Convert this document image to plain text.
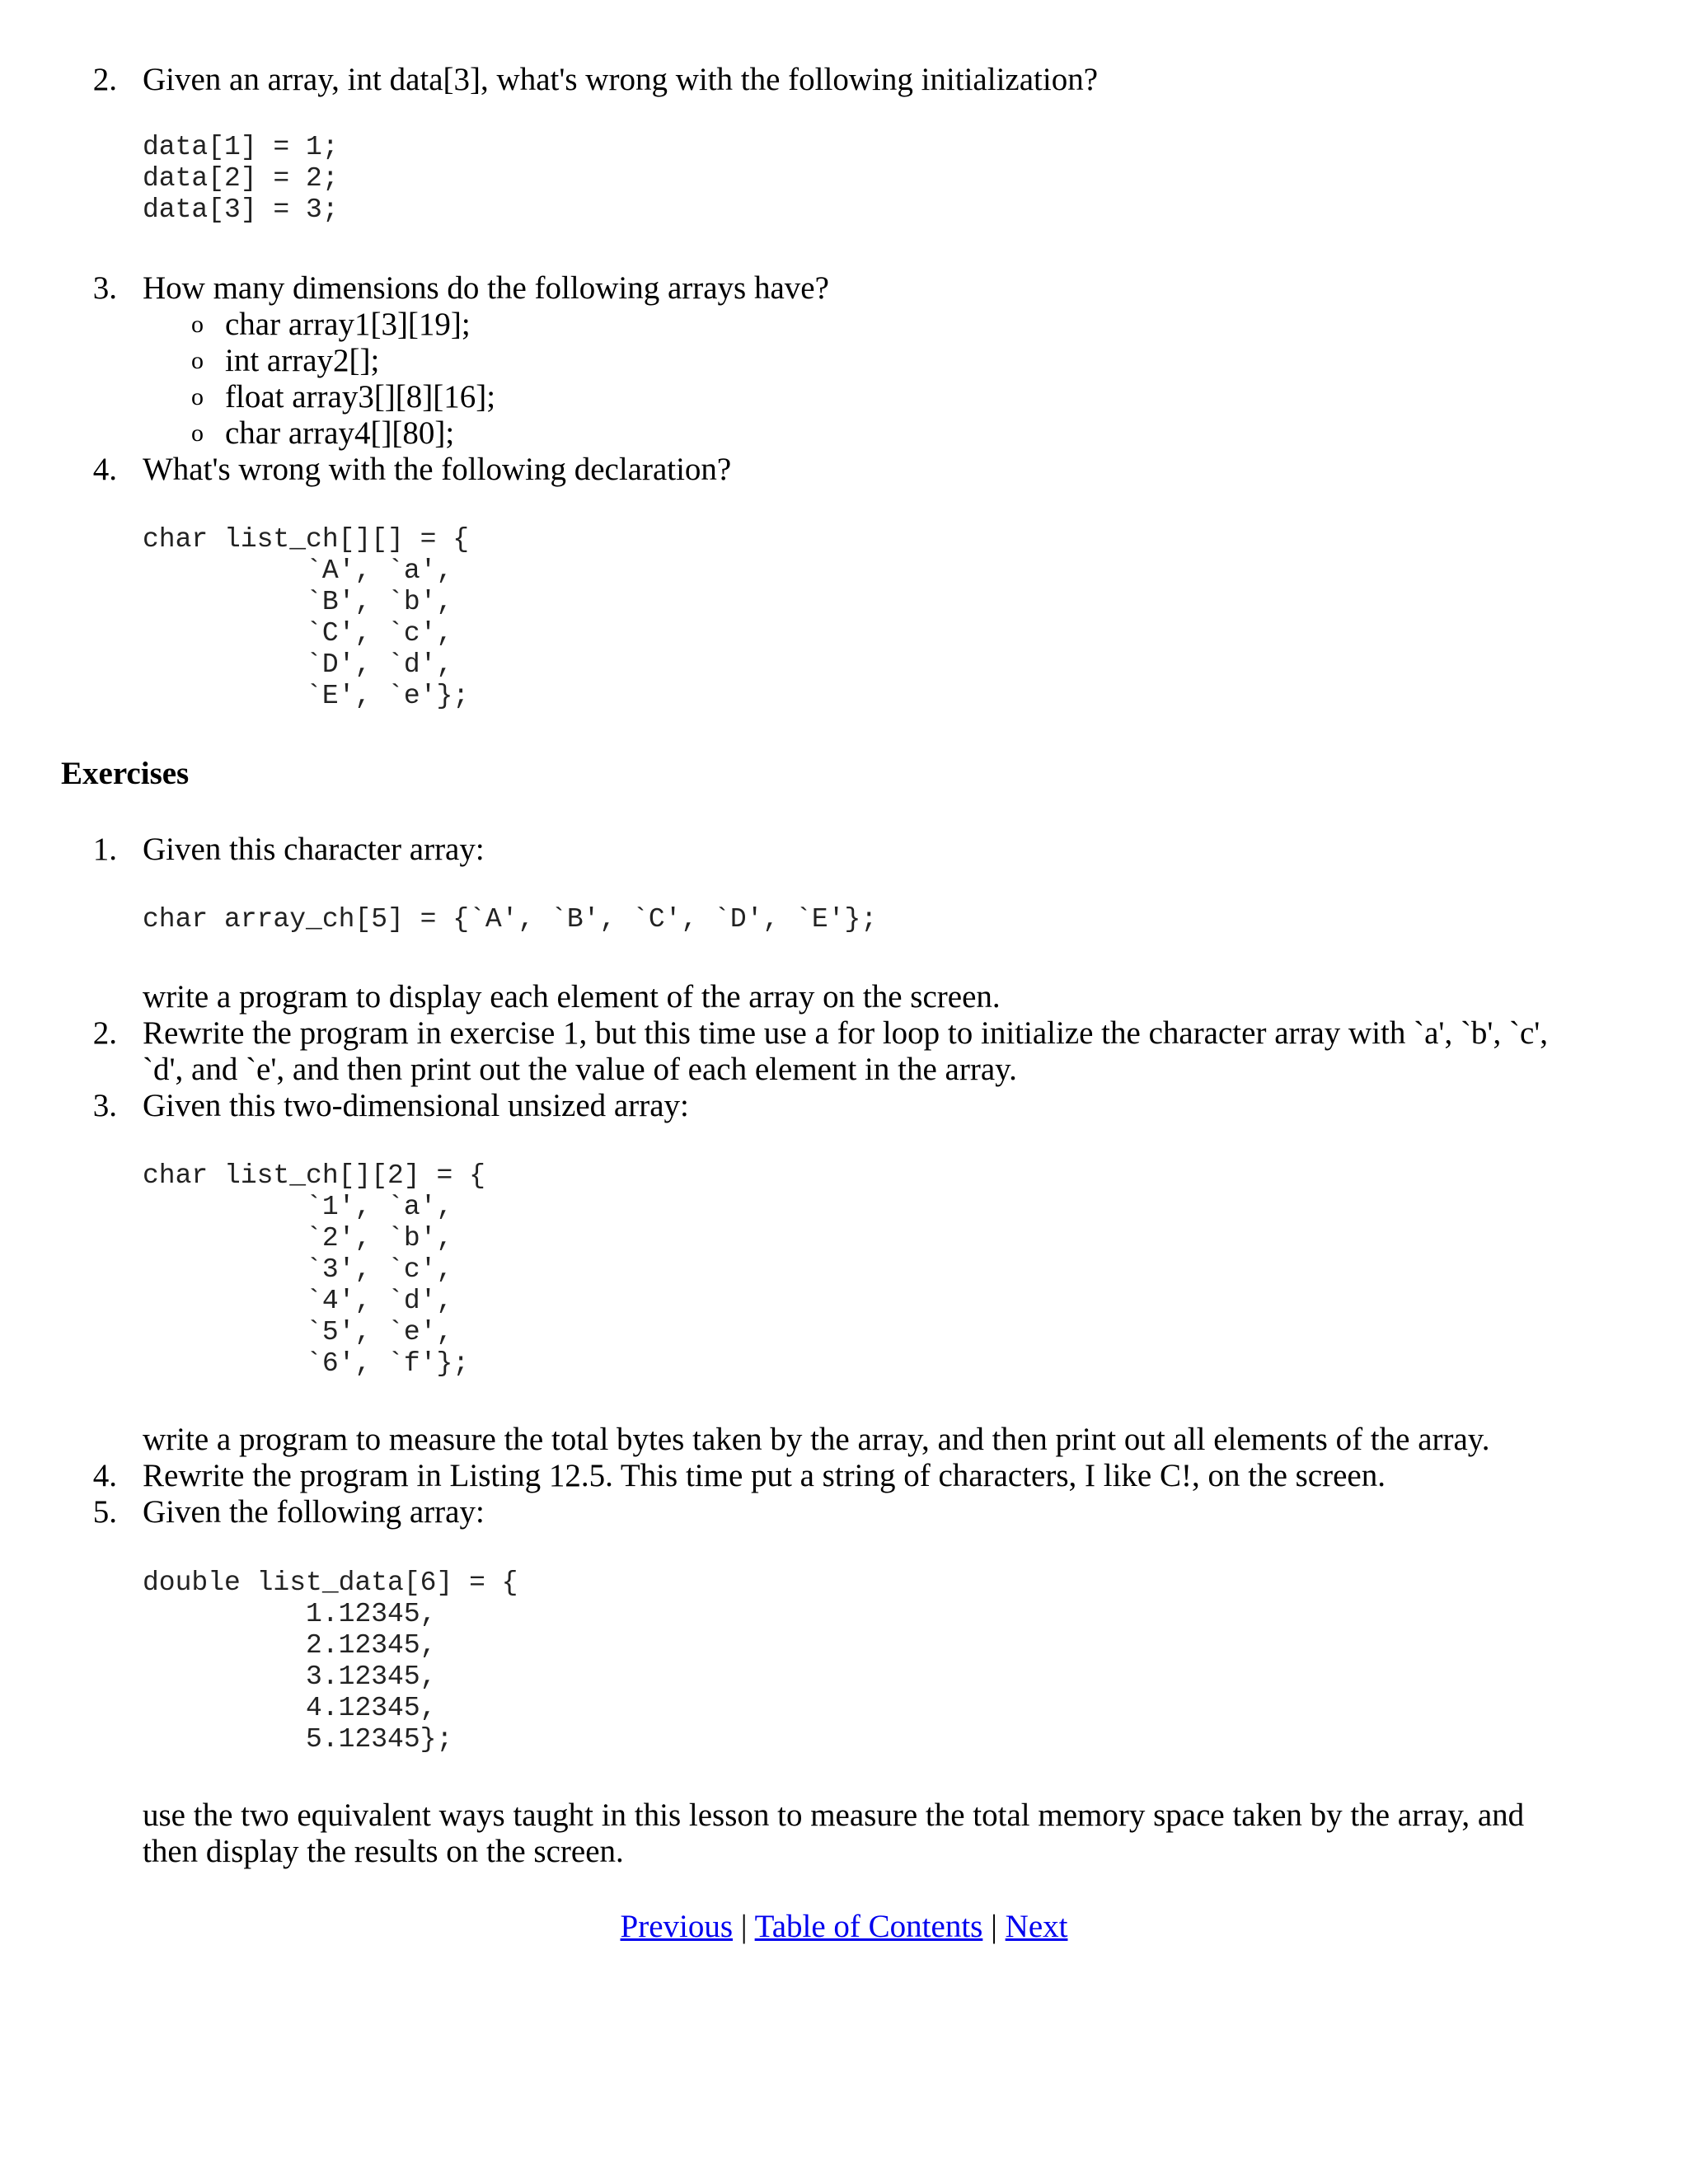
2. Given an array, int data[3], what's wrong with the following initialization?
data[1] = 1;
data[2] = 2;
data[3] = 3;
3. How many dimensions do the following arrays have?
o char array1[3][19];
o int array2[];
o float array3[][8][16];
o char array4[][80];
4. What's wrong with the following declaration?
char list_ch[][] = {
`A', `a',
`B', `b',
`C', `c',
`D', `d',
`E', `e'};
Exercises
1. Given this character array:
char array_ch[5] = {`A', `B', `C', `D', `E'};
write a program to display each element of the array on the screen.
2. Rewrite the program in exercise 1, but this time use a for loop to initialize the character array with `a', `b', `c',
`d', and `e', and then print out the value of each element in the array.
3. Given this two-dimensional unsized array:
char list_ch[][2] = {
`1', `a',
`2', `b',
`3', `c',
`4', `d',
`5', `e',
`6', `f'};
write a program to measure the total bytes taken by the array, and then print out all elements of the array.
4. Rewrite the program in Listing 12.5. This time put a string of characters, I like C!, on the screen.
5. Given the following array:
double list_data[6] = {
1.12345,
2.12345,
3.12345,
4.12345,
5.12345};
use the two equivalent ways taught in this lesson to measure the total memory space taken by the array, and
then display the results on the screen.
Previous | Table of Contents | Next
